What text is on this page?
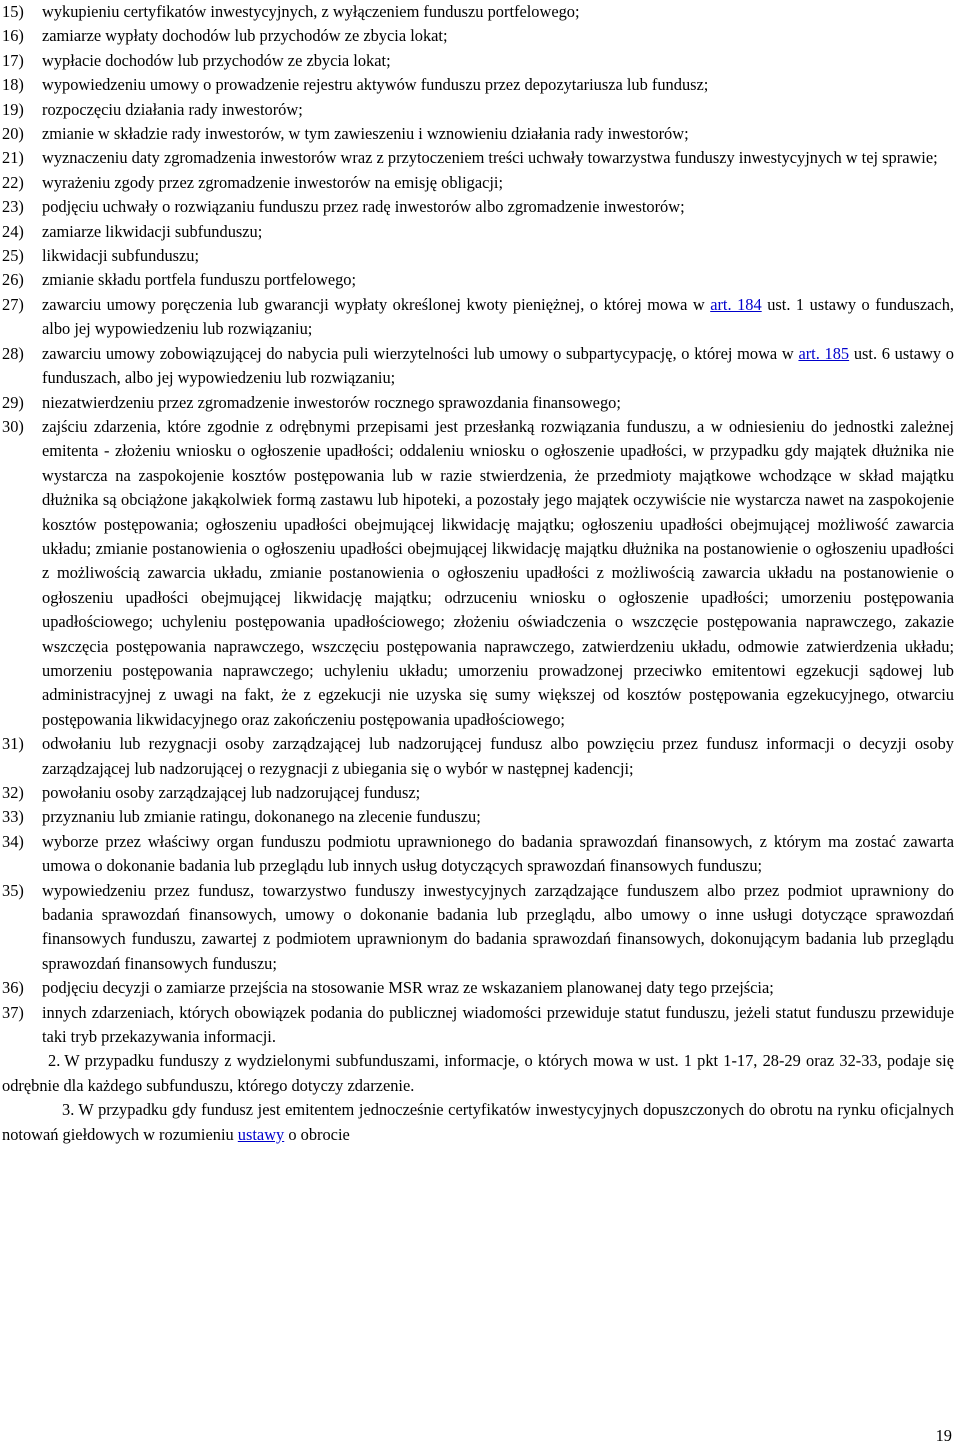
15)	wykupieniu certyfikatów inwestycyjnych, z wyłączeniem funduszu portfelowego;
16)	zamiarze wypłaty dochodów lub przychodów ze zbycia lokat;
17)	wypłacie dochodów lub przychodów ze zbycia lokat;
18)	wypowiedzeniu umowy o prowadzenie rejestru aktywów funduszu przez depozytariusza lub fundusz;
19)	rozpoczęciu działania rady inwestorów;
20)	zmianie w składzie rady inwestorów, w tym zawieszeniu i wznowieniu działania rady inwestorów;
21)	wyznaczeniu daty zgromadzenia inwestorów wraz z przytoczeniem treści uchwały towarzystwa funduszy inwestycyjnych w tej sprawie;
22)	wyrażeniu zgody przez zgromadzenie inwestorów na emisję obligacji;
23)	podjęciu uchwały o rozwiązaniu funduszu przez radę inwestorów albo zgromadzenie inwestorów;
24)	zamiarze likwidacji subfunduszu;
25)	likwidacji subfunduszu;
26)	zmianie składu portfela funduszu portfelowego;
27)	zawarciu umowy poręczenia lub gwarancji wypłaty określonej kwoty pieniężnej, o której mowa w art. 184 ust. 1 ustawy o funduszach, albo jej wypowiedzeniu lub rozwiązaniu;
28)	zawarciu umowy zobowiązującej do nabycia puli wierzytelności lub umowy o subpartycypację, o której mowa w art. 185 ust. 6 ustawy o funduszach, albo jej wypowiedzeniu lub rozwiązaniu;
29)	niezatwierdzeniu przez zgromadzenie inwestorów rocznego sprawozdania finansowego;
30)	zajściu zdarzenia, które zgodnie z odrębnymi przepisami jest przesłanką rozwiązania funduszu, a w odniesieniu do jednostki zależnej emitenta - złożeniu wniosku o ogłoszenie upadłości; oddaleniu wniosku o ogłoszenie upadłości, w przypadku gdy majątek dłużnika nie wystarcza na zaspokojenie kosztów postępowania lub w razie stwierdzenia, że przedmioty majątkowe wchodzące w skład majątku dłużnika są obciążone jakąkolwiek formą zastawu lub hipoteki, a pozostały jego majątek oczywiście nie wystarcza nawet na zaspokojenie kosztów postępowania; ogłoszeniu upadłości obejmującej likwidację majątku; ogłoszeniu upadłości obejmującej możliwość zawarcia układu; zmianie postanowienia o ogłoszeniu upadłości obejmującej likwidację majątku dłużnika na postanowienie o ogłoszeniu upadłości z możliwością zawarcia układu, zmianie postanowienia o ogłoszeniu upadłości z możliwością zawarcia układu na postanowienie o ogłoszeniu upadłości obejmującej likwidację majątku; odrzuceniu wniosku o ogłoszenie upadłości; umorzeniu postępowania upadłościowego; uchyleniu postępowania upadłościowego; złożeniu oświadczenia o wszczęcie postępowania naprawczego, zakazie wszczęcia postępowania naprawczego, wszczęciu postępowania naprawczego, zatwierdzeniu układu, odmowie zatwierdzenia układu; umorzeniu postępowania naprawczego; uchyleniu układu; umorzeniu prowadzonej przeciwko emitentowi egzekucji sądowej lub administracyjnej z uwagi na fakt, że z egzekucji nie uzyska się sumy większej od kosztów postępowania egzekucyjnego, otwarciu postępowania likwidacyjnego oraz zakończeniu postępowania upadłościowego;
31)	odwołaniu lub rezygnacji osoby zarządzającej lub nadzorującej fundusz albo powzięciu przez fundusz informacji o decyzji osoby zarządzającej lub nadzorującej o rezygnacji z ubiegania się o wybór w następnej kadencji;
32)	powołaniu osoby zarządzającej lub nadzorującej fundusz;
33)	przyznaniu lub zmianie ratingu, dokonanego na zlecenie funduszu;
34)	wyborze przez właściwy organ funduszu podmiotu uprawnionego do badania sprawozdań finansowych, z którym ma zostać zawarta umowa o dokonanie badania lub przeglądu lub innych usług dotyczących sprawozdań finansowych funduszu;
35)	wypowiedzeniu przez fundusz, towarzystwo funduszy inwestycyjnych zarządzające funduszem albo przez podmiot uprawniony do badania sprawozdań finansowych, umowy o dokonanie badania lub przeglądu, albo umowy o inne usługi dotyczące sprawozdań finansowych funduszu, zawartej z podmiotem uprawnionym do badania sprawozdań finansowych, dokonującym badania lub przeglądu sprawozdań finansowych funduszu;
36)	podjęciu decyzji o zamiarze przejścia na stosowanie MSR wraz ze wskazaniem planowanej daty tego przejścia;
37)	innych zdarzeniach, których obowiązek podania do publicznej wiadomości przewiduje statut funduszu, jeżeli statut funduszu przewiduje taki tryb przekazywania informacji.

2. W przypadku funduszy z wydzielonymi subfunduszami, informacje, o których mowa w ust. 1 pkt 1-17, 28-29 oraz 32-33, podaje się odrębnie dla każdego subfunduszu, którego dotyczy zdarzenie.

3. W przypadku gdy fundusz jest emitentem jednocześnie certyfikatów inwestycyjnych dopuszczonych do obrotu na rynku oficjalnych notowań giełdowych w rozumieniu ustawy o obrocie

19
